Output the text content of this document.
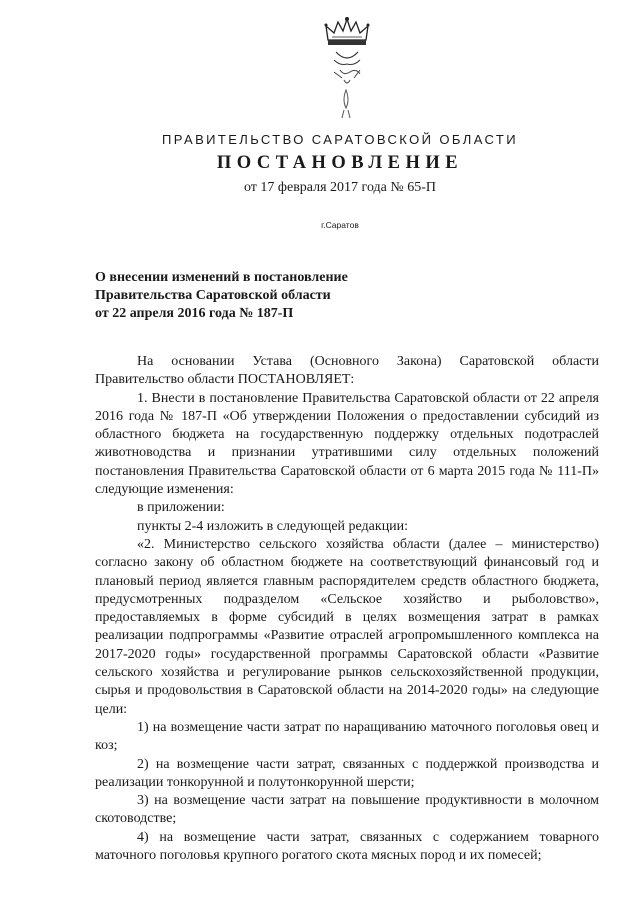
ПРАВИТЕЛЬСТВО САРАТОВСКОЙ ОБЛАСТИ
ПОСТАНОВЛЕНИЕ
от 17 февраля 2017 года № 65-П
г.Саратов
О внесении изменений в постановление
Правительства Саратовской области
от 22 апреля 2016 года № 187-П

На основании Устава (Основного Закона) Саратовской области Правительство области ПОСТАНОВЛЯЕТ:

1. Внести в постановление Правительства Саратовской области от 22 апреля 2016 года № 187-П «Об утверждении Положения о предоставлении субсидий из областного бюджета на государственную поддержку отдельных подотраслей животноводства и признании утратившими силу отдельных положений постановления Правительства Саратовской области от 6 марта 2015 года № 111-П» следующие изменения:

в приложении:

пункты 2-4 изложить в следующей редакции:

«2. Министерство сельского хозяйства области (далее – министерство) согласно закону об областном бюджете на соответствующий финансовый год и плановый период является главным распорядителем средств областного бюджета, предусмотренных подразделом «Сельское хозяйство и рыболовство», предоставляемых в форме субсидий в целях возмещения затрат в рамках реализации подпрограммы «Развитие отраслей агропромышленного комплекса на 2017-2020 годы» государственной программы Саратовской области «Развитие сельского хозяйства и регулирование рынков сельскохозяйственной продукции, сырья и продовольствия в Саратовской области на 2014-2020 годы» на следующие цели:

1) на возмещение части затрат по наращиванию маточного поголовья овец и коз;

2) на возмещение части затрат, связанных с поддержкой производства и реализации тонкорунной и полутонкорунной шерсти;

3) на возмещение части затрат на повышение продуктивности в молочном скотоводстве;

4) на возмещение части затрат, связанных с содержанием товарного маточного поголовья крупного рогатого скота мясных пород и их помесей;
